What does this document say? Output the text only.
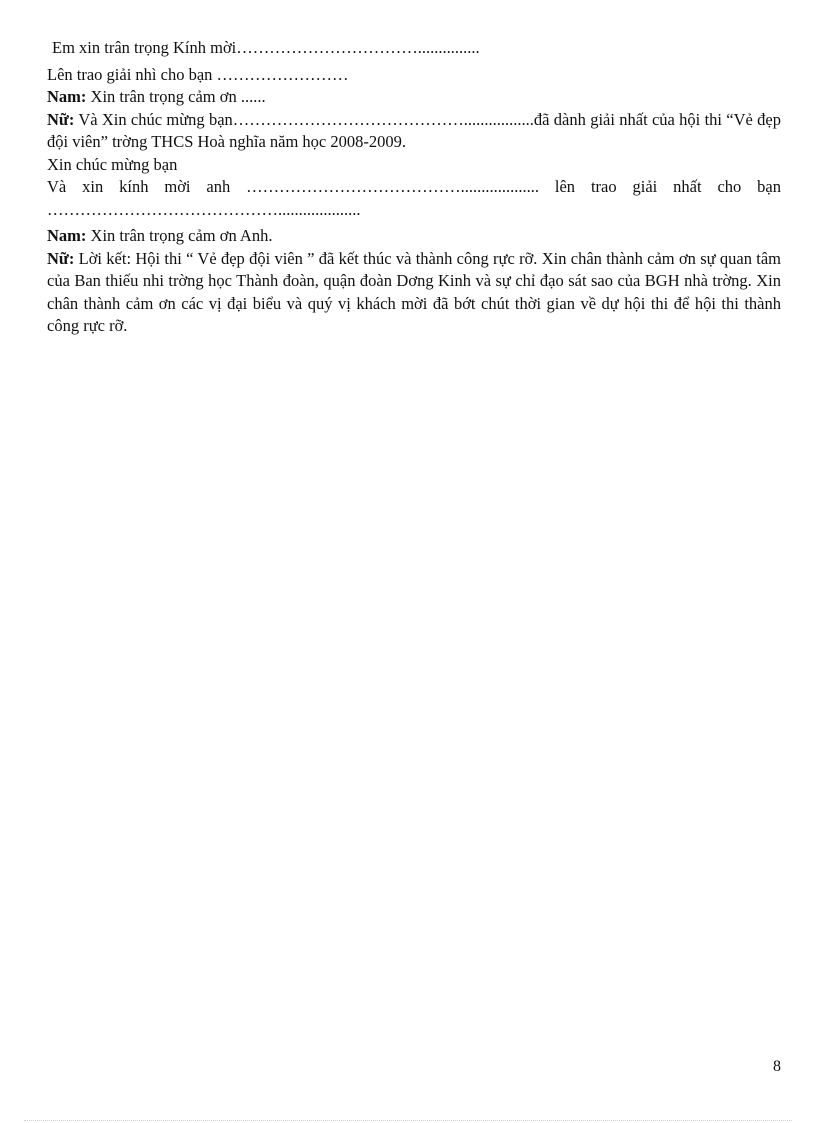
Em xin trân trọng Kính mời……………………………...............

Lên trao giải nhì cho bạn ……………………

Nam: Xin trân trọng cảm ơn ......

Nữ: Và Xin chúc mừng bạn…………………………………….................đã dành giải nhất của hội thi “Vẻ đẹp đội viên” trờng THCS Hoà nghĩa năm học 2008-2009.

Xin chúc mừng bạn

Và xin kính mời anh …………………………………................... lên trao giải nhất cho bạn

……………………………………....................

Nam: Xin trân trọng cảm ơn Anh.

Nữ: Lời kết: Hội thi “ Vẻ đẹp đội viên ” đã kết thúc và thành công rực rỡ. Xin chân thành cảm ơn sự quan tâm của Ban thiếu nhi trờng học Thành đoàn, quận đoàn Dơng Kinh và sự chỉ đạo sát sao của BGH nhà trờng. Xin chân thành cảm ơn các vị đại biểu và quý vị khách mời đã bớt chút thời gian về dự hội thi để hội thi thành công rực rỡ.

8
